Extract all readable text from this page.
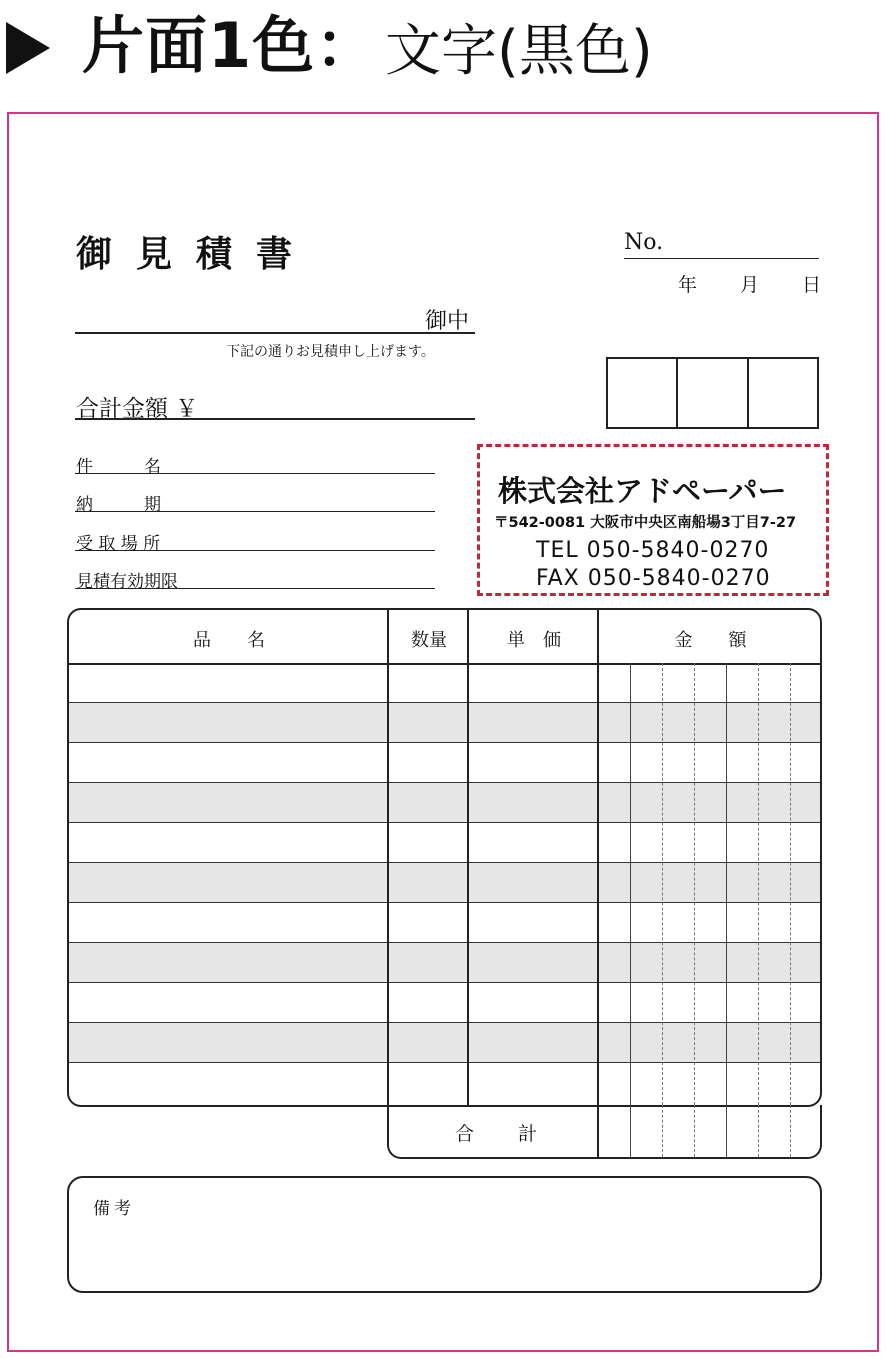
片面1色： 文字(黒色)
御見積書	No.
年 月 日
御中
下記の通りお見積申し上げます。
合計金額 ￥
件　　　名
納　　　期
受 取 場 所
見積有効期限
株式会社アドペーパー
〒542-0081 大阪市中央区南船場3丁目7-27
TEL 050-5840-0270
FAX 050-5840-0270
品　　名	数量	単　価	金　　額
合計
備考
